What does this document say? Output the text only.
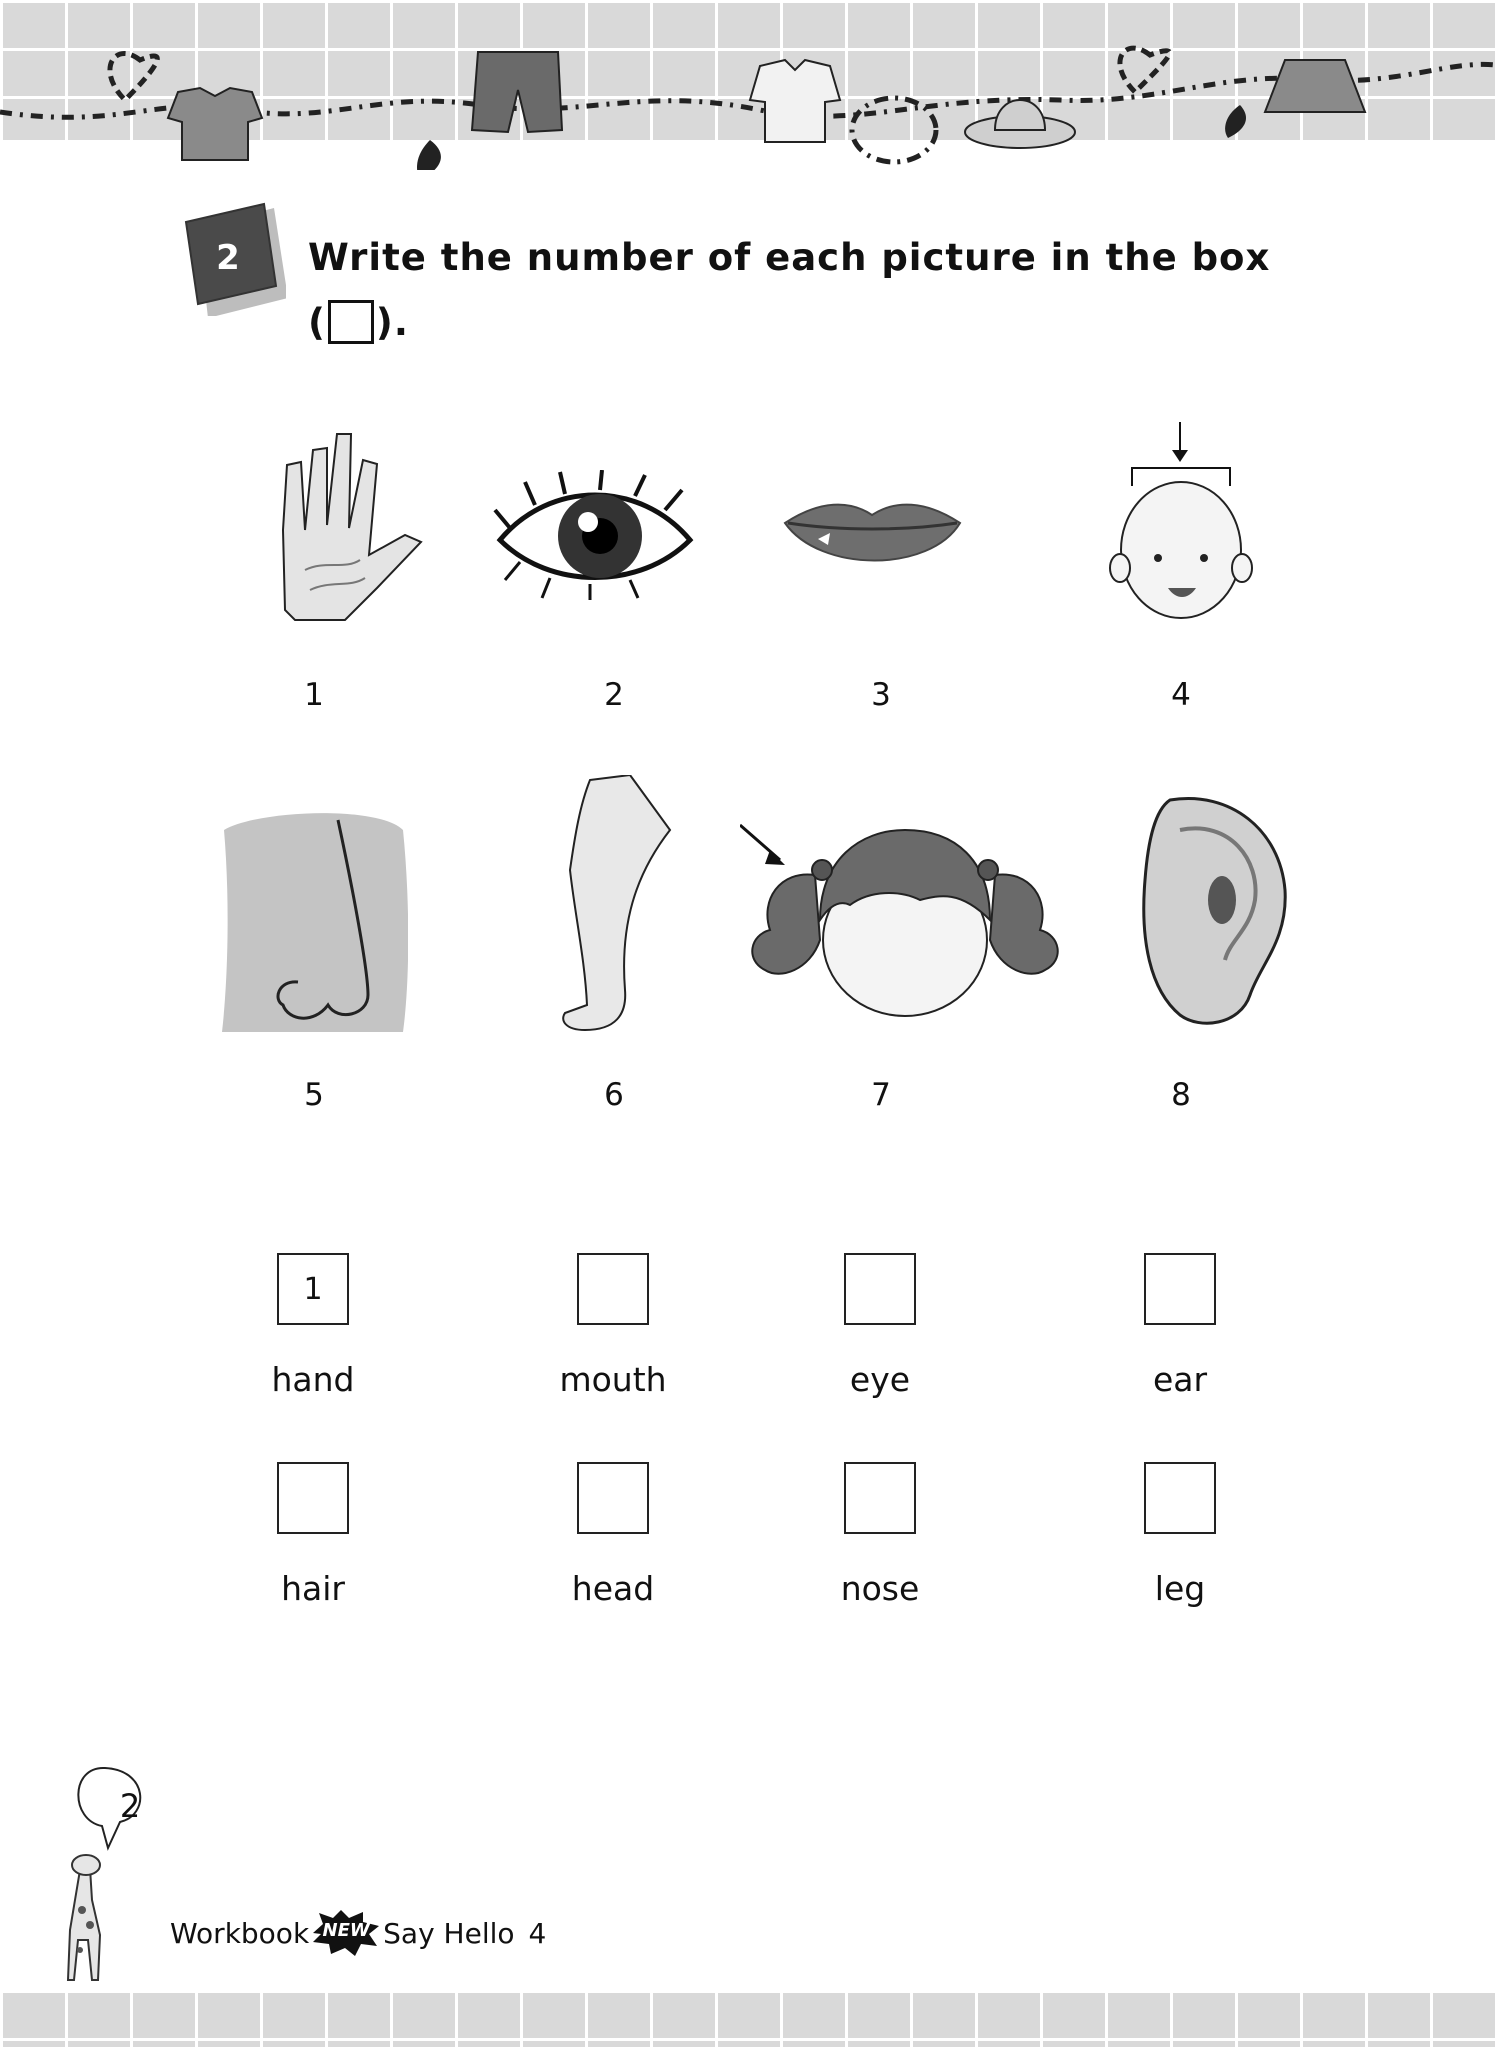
2	Write the number of each picture in the box
( ).
1	2	3	4
5	6	7	8
1
hand	mouth	eye	ear
hair	head	nose	leg
2
Workbook NEW Say Hello 4
